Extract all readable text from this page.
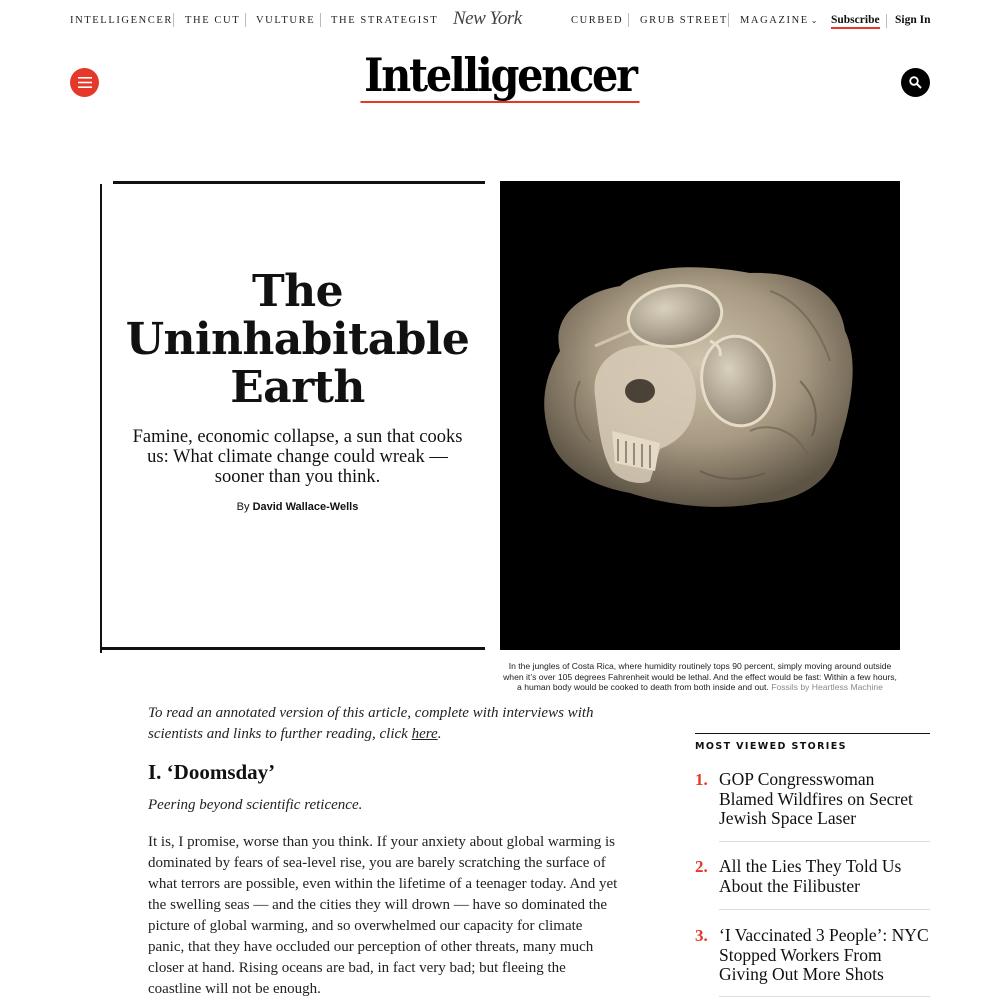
INTELLIGENCER THE CUT VULTURE THE STRATEGIST New York	CURBED GRUB STREET MAGAZINE ⌄ Subscribe Sign In
Intelligencer
The
Uninhabitable
Earth

Famine, economic collapse, a sun that cooks us: What climate change could wreak — sooner than you think.

By David Wallace-Wells

In the jungles of Costa Rica, where humidity routinely tops 90 percent, simply moving around outside when it’s over 105 degrees Fahrenheit would be lethal. And the effect would be fast: Within a few hours, a human body would be cooked to death from both inside and out. Fossils by Heartless Machine

To read an annotated version of this article, complete with interviews with scientists and links to further reading, click here.

I. ‘Doomsday’

Peering beyond scientific reticence.

It is, I promise, worse than you think. If your anxiety about global warming is dominated by fears of sea-level rise, you are barely scratching the surface of what terrors are possible, even within the lifetime of a teenager today. And yet the swelling seas — and the cities they will drown — have so dominated the picture of global warming, and so overwhelmed our capacity for climate panic, that they have occluded our perception of other threats, many much closer at hand. Rising oceans are bad, in fact very bad; but fleeing the coastline will not be enough.

MOST VIEWED STORIES
1. GOP Congresswoman Blamed Wildfires on Secret Jewish Space Laser
2. All the Lies They Told Us About the Filibuster
3. ‘I Vaccinated 3 People’: NYC Stopped Workers From Giving Out More Shots
